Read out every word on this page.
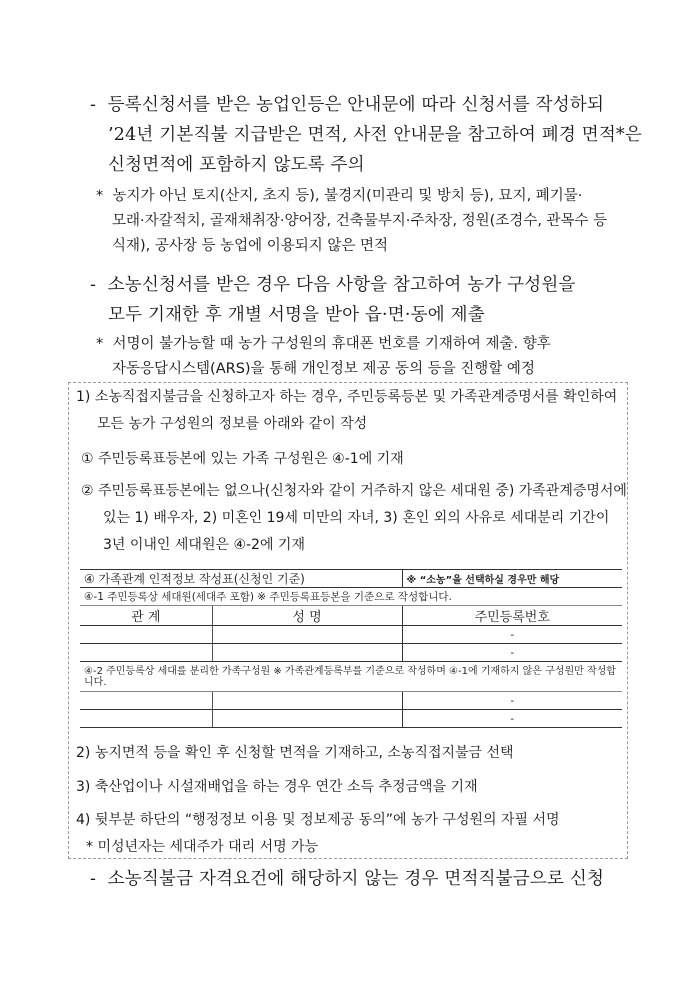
- 등록신청서를 받은 농업인등은 안내문에 따라 신청서를 작성하되
’24년 기본직불 지급받은 면적, 사전 안내문을 참고하여 폐경 면적*은
신청면적에 포함하지 않도록 주의
* 농지가 아닌 토지(산지, 초지 등), 불경지(미관리 및 방치 등), 묘지, 폐기물·
모래·자갈적치, 골재채취장·양어장, 건축물부지·주차장, 정원(조경수, 관목수 등
식재), 공사장 등 농업에 이용되지 않은 면적
- 소농신청서를 받은 경우 다음 사항을 참고하여 농가 구성원을
모두 기재한 후 개별 서명을 받아 읍·면·동에 제출
* 서명이 불가능할 때 농가 구성원의 휴대폰 번호를 기재하여 제출. 향후
자동응답시스템(ARS)을 통해 개인정보 제공 동의 등을 진행할 예정
1) 소농직접지불금을 신청하고자 하는 경우, 주민등록등본 및 가족관계증명서를 확인하여
모든 농가 구성원의 정보를 아래와 같이 작성
① 주민등록표등본에 있는 가족 구성원은 ④-1에 기재
② 주민등록표등본에는 없으나(신청자와 같이 거주하지 않은 세대원 중) 가족관계증명서에
있는 1) 배우자, 2) 미혼인 19세 미만의 자녀, 3) 혼인 외의 사유로 세대분리 기간이
3년 이내인 세대원은 ④-2에 기재
④ 가족관계 인적정보 작성표(신청인 기준)		※ “소농”을 선택하실 경우만 해당
④-1 주민등록상 세대원(세대주 포함) ※ 주민등록표등본을 기준으로 작성합니다.		
관 계	성 명	주민등록번호
		-
		-
④-2 주민등록상 세대를 분리한 가족구성원 ※ 가족관계등록부를 기준으로 작성하며 ④-1에 기재하지 않은 구성원만 작성합니다.		
		-
		-
2) 농지면적 등을 확인 후 신청할 면적을 기재하고, 소농직접지불금 선택
3) 축산업이나 시설재배업을 하는 경우 연간 소득 추정금액을 기재
4) 뒷부분 하단의 “행정정보 이용 및 정보제공 동의”에 농가 구성원의 자필 서명
* 미성년자는 세대주가 대리 서명 가능
- 소농직불금 자격요건에 해당하지 않는 경우 면적직불금으로 신청
